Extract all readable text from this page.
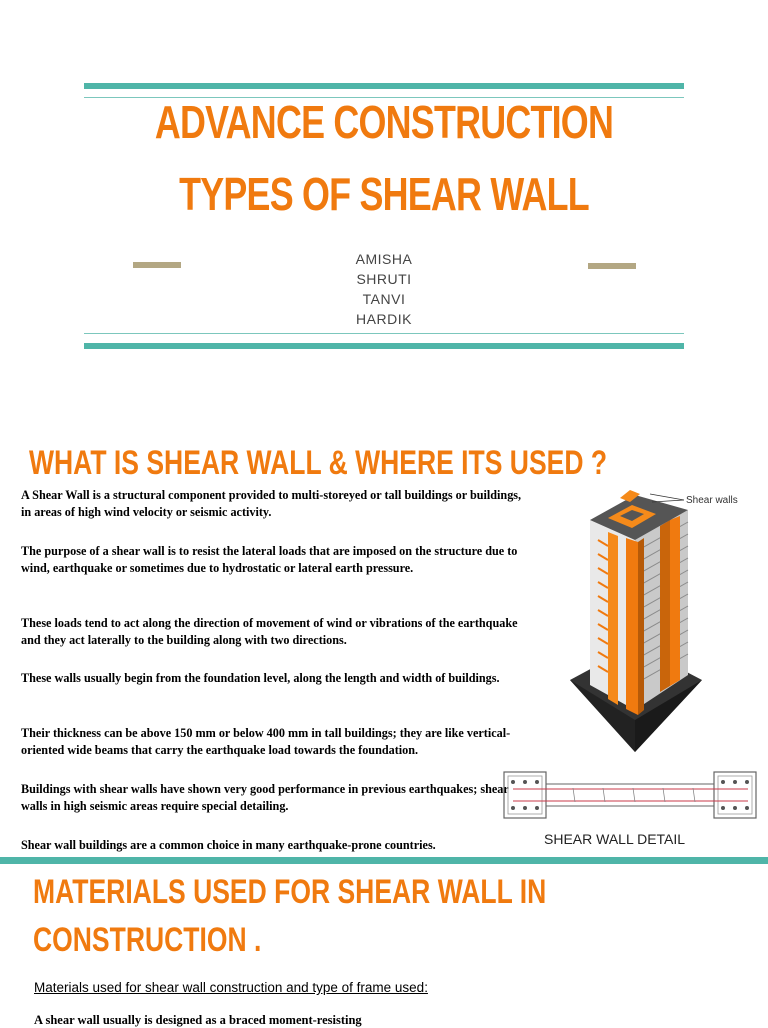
ADVANCE CONSTRUCTION
TYPES OF SHEAR WALL
AMISHA
SHRUTI
TANVI
HARDIK
WHAT IS SHEAR WALL & WHERE ITS USED ?
A Shear Wall is a structural component provided to multi-storeyed or tall buildings or buildings, in areas of high wind velocity or seismic activity.
The purpose of a shear wall is to resist the lateral loads that are imposed on the structure due to wind, earthquake or sometimes due to hydrostatic or lateral earth pressure.
These loads tend to act along the direction of movement of wind or vibrations of the earthquake and they act laterally to the building along with two directions.
These walls usually begin from the foundation level, along the length and width of buildings.
Their thickness can be above 150 mm or below 400 mm in tall buildings; they are like vertical-oriented wide beams that carry the earthquake load towards the foundation.
Buildings with shear walls have shown very good performance in previous earthquakes; shear walls in high seismic areas require special detailing.
Shear wall buildings are a common choice in many earthquake-prone countries.
Shear walls
SHEAR WALL DETAIL
MATERIALS USED FOR SHEAR WALL IN
CONSTRUCTION .
Materials used for shear wall construction and type of frame used:
A shear wall usually is designed as a braced moment-resisting
